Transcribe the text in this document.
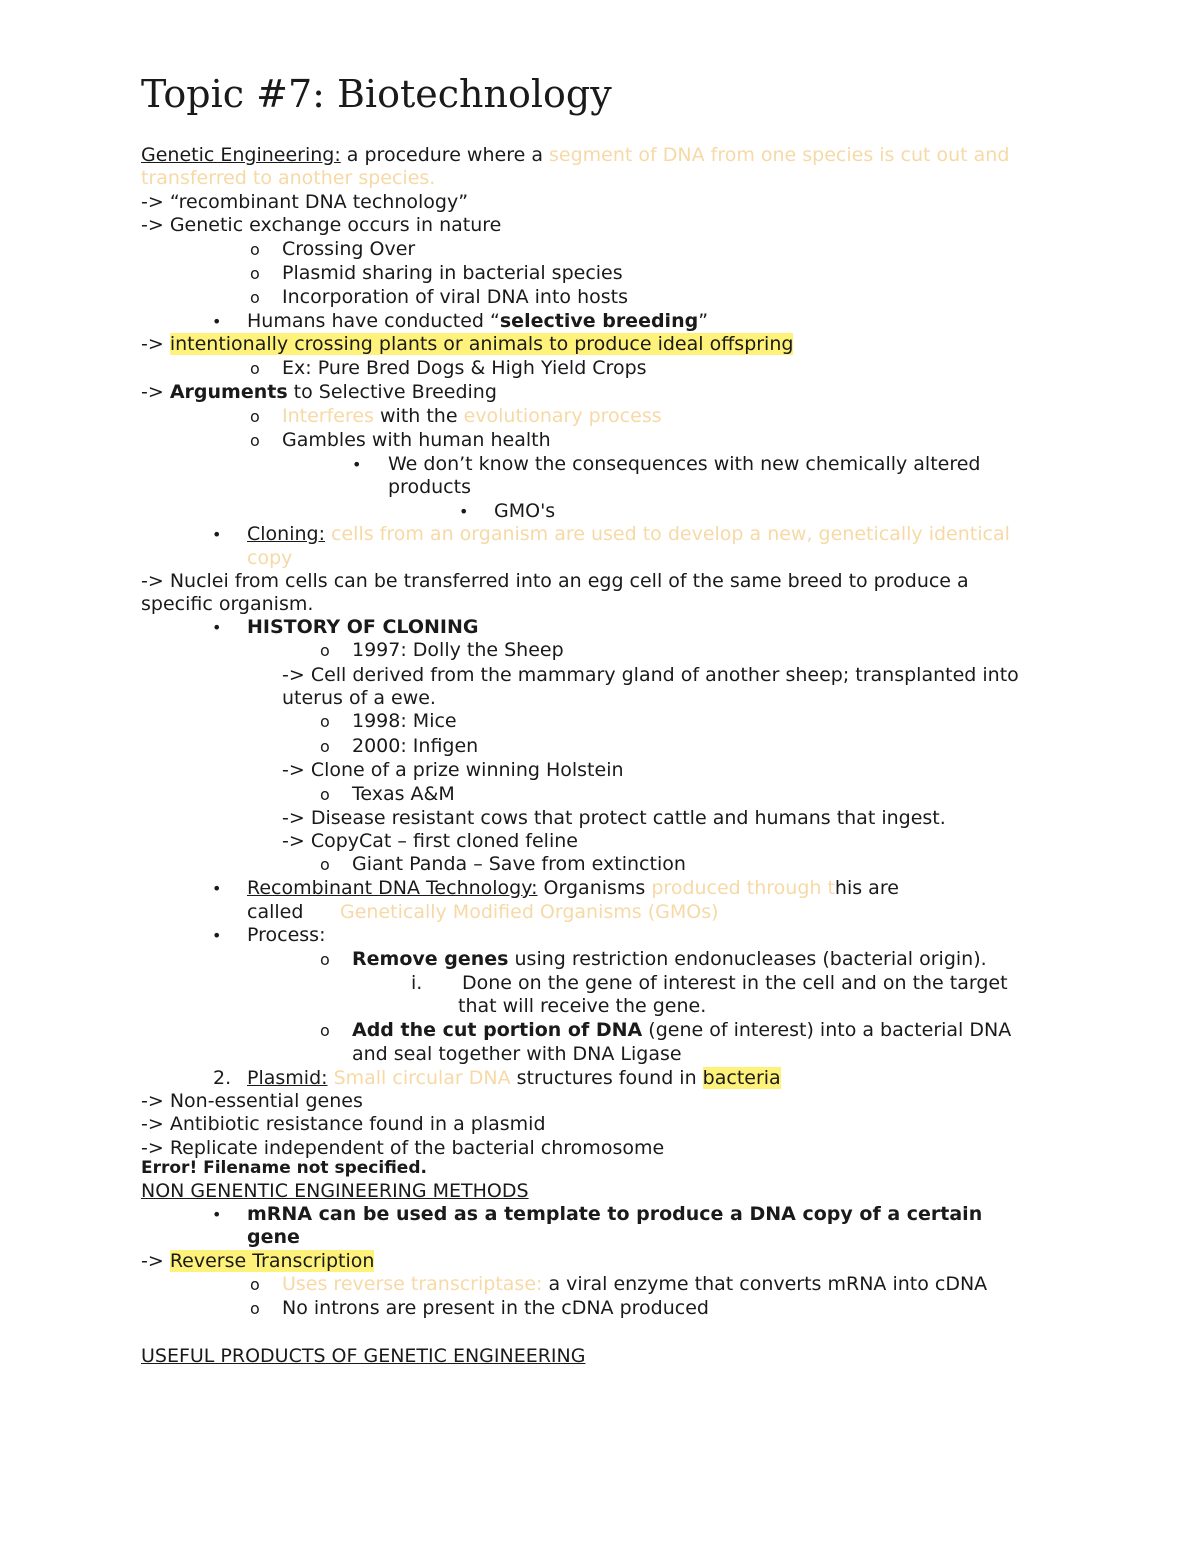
Topic #7: Biotechnology
Genetic Engineering: a procedure where a segment of DNA from one species is cut out and
transferred to another species.
-> “recombinant DNA technology”
-> Genetic exchange occurs in nature
o Crossing Over
o Plasmid sharing in bacterial species
o Incorporation of viral DNA into hosts
• Humans have conducted “selective breeding”
-> intentionally crossing plants or animals to produce ideal offspring
o Ex: Pure Bred Dogs & High Yield Crops
-> Arguments to Selective Breeding
o Interferes with the evolutionary process
o Gambles with human health
• We don’t know the consequences with new chemically altered
products
• GMO's
• Cloning: cells from an organism are used to develop a new, genetically identical
copy
-> Nuclei from cells can be transferred into an egg cell of the same breed to produce a
specific organism.
• HISTORY OF CLONING
o 1997: Dolly the Sheep
-> Cell derived from the mammary gland of another sheep; transplanted into
uterus of a ewe.
o 1998: Mice
o 2000: Infigen
-> Clone of a prize winning Holstein
o Texas A&M
-> Disease resistant cows that protect cattle and humans that ingest.
-> CopyCat – first cloned feline
o Giant Panda – Save from extinction
• Recombinant DNA Technology: Organisms produced through this are
called Genetically Modified Organisms (GMOs)
• Process:
o Remove genes using restriction endonucleases (bacterial origin).
i. Done on the gene of interest in the cell and on the target
that will receive the gene.
o Add the cut portion of DNA (gene of interest) into a bacterial DNA
and seal together with DNA Ligase
2. Plasmid: Small circular DNA structures found in bacteria
-> Non-essential genes
-> Antibiotic resistance found in a plasmid
-> Replicate independent of the bacterial chromosome
Error! Filename not specified.
NON GENENTIC ENGINEERING METHODS
• mRNA can be used as a template to produce a DNA copy of a certain
gene
-> Reverse Transcription
o Uses reverse transcriptase: a viral enzyme that converts mRNA into cDNA
o No introns are present in the cDNA produced
USEFUL PRODUCTS OF GENETIC ENGINEERING
